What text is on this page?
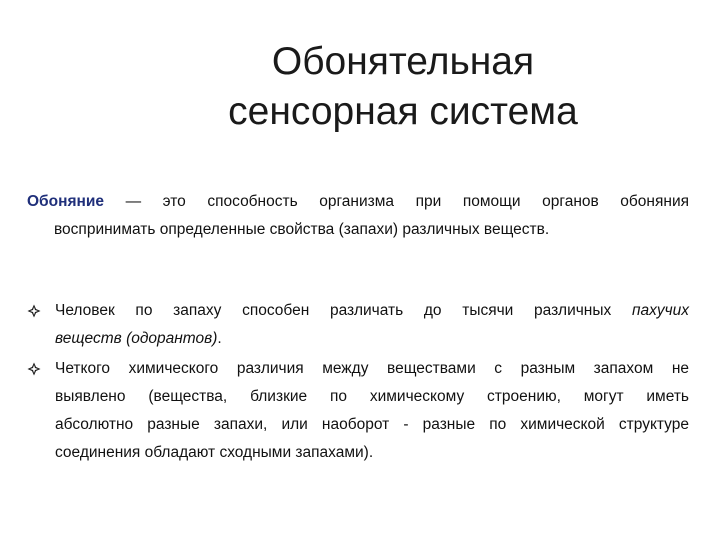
Обонятельная
сенсорная система
Обоняние — это способность организма при помощи органов обоняния
воспринимать определенные свойства (запахи) различных веществ.
Человек по запаху способен различать до тысячи различных пахучих
веществ (одорантов).
Четкого химического различия между веществами с разным запахом не
выявлено (вещества, близкие по химическому строению, могут иметь
абсолютно разные запахи, или наоборот - разные по химической структуре
соединения обладают сходными запахами).
